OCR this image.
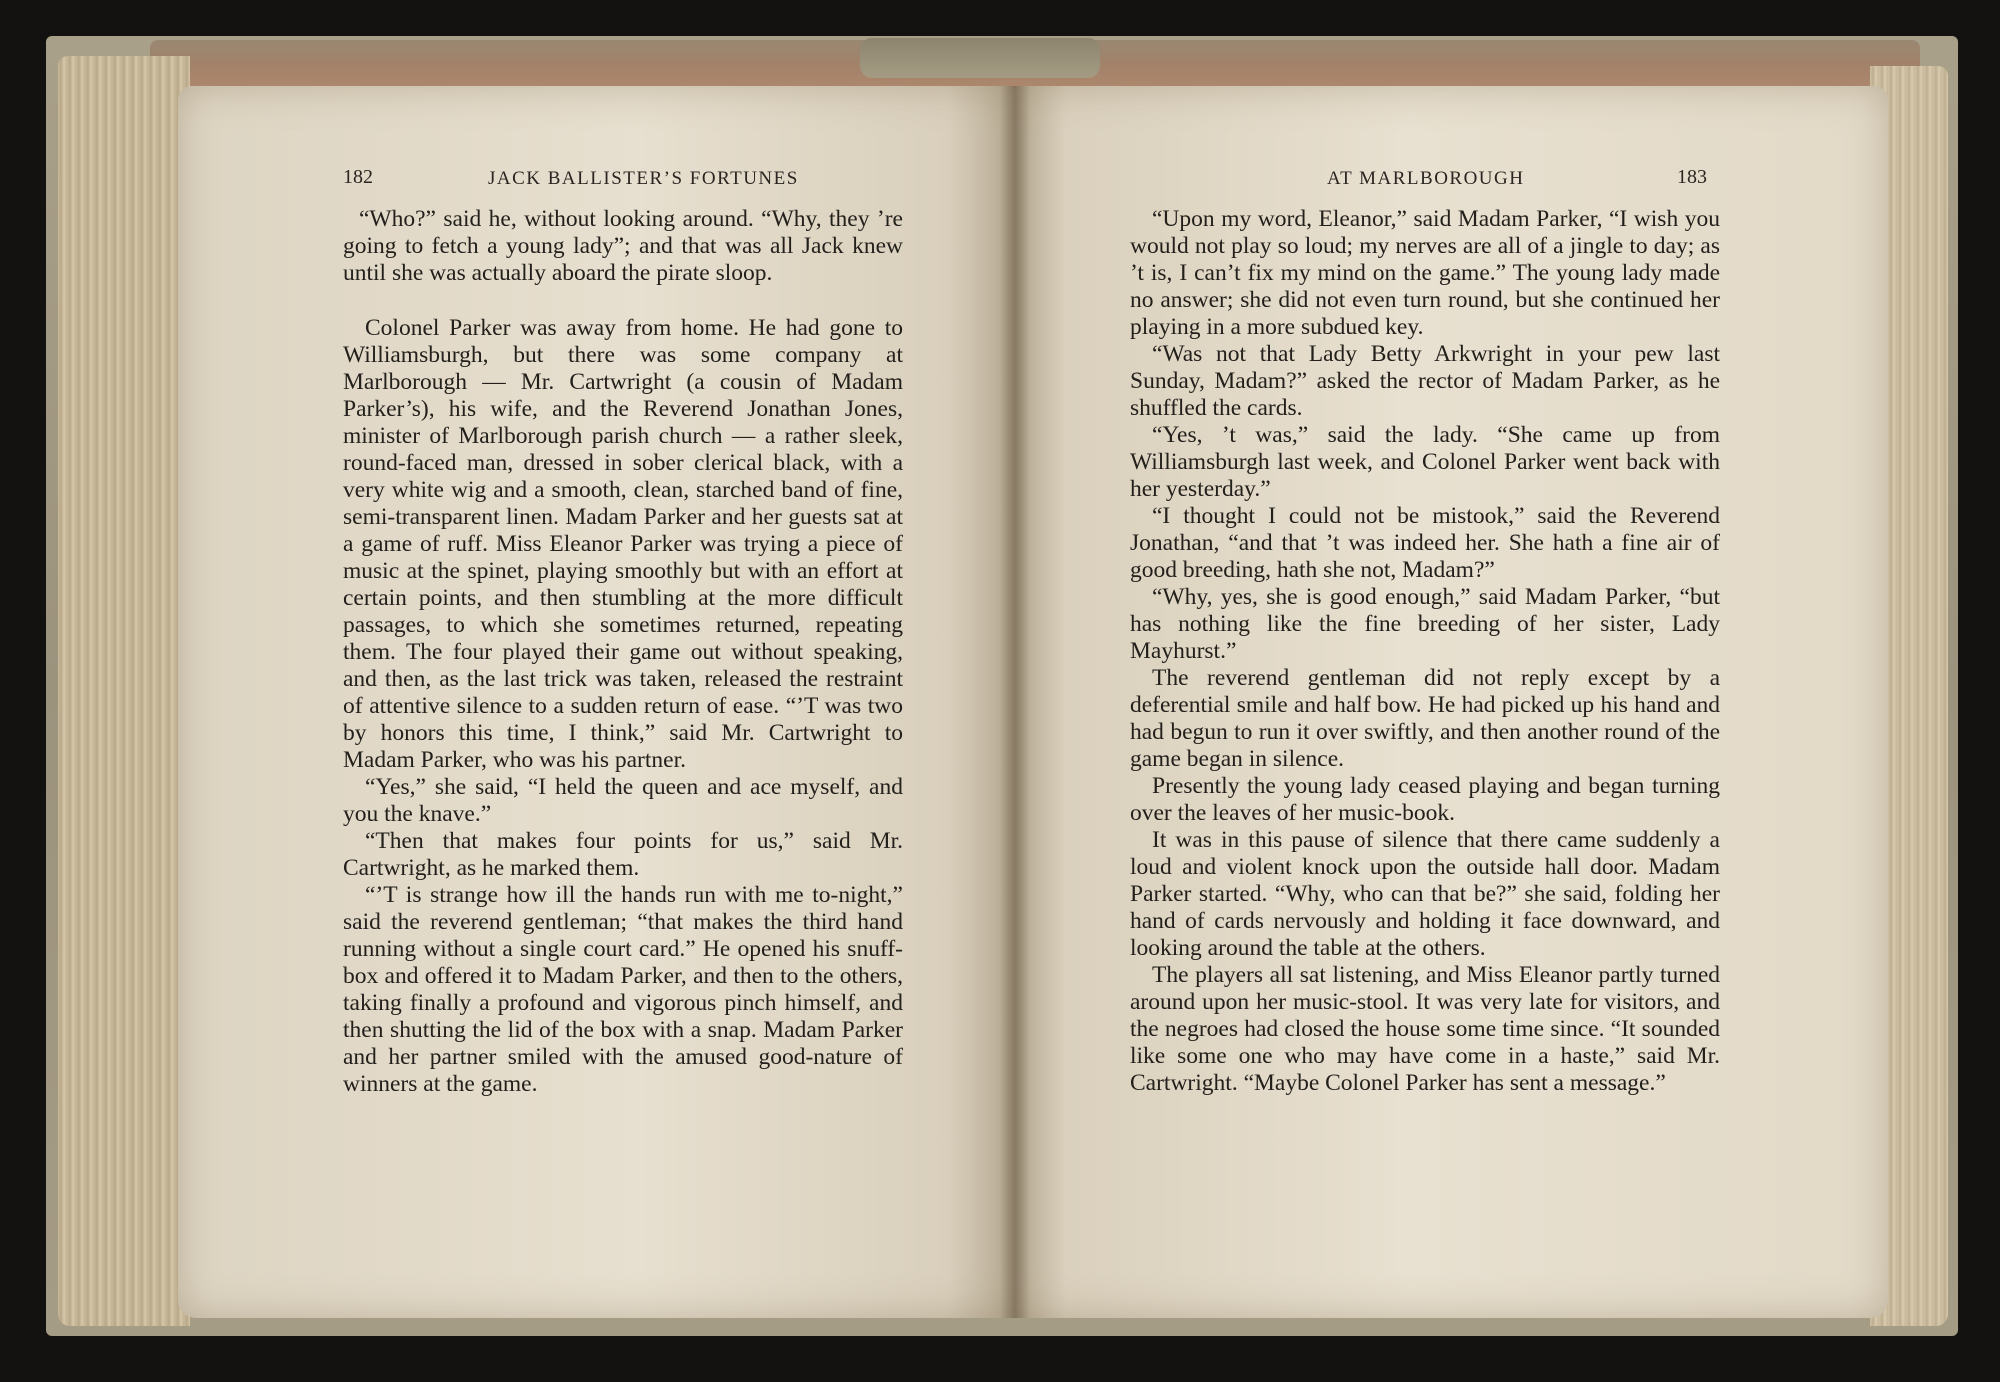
182	JACK BALLISTER’S FORTUNES

“Who?” said he, without looking around. “Why, they ’re going to fetch a young lady”; and that was all Jack knew until she was actually aboard the pirate sloop.

Colonel Parker was away from home. He had gone to Williamsburgh, but there was some company at Marlborough — Mr. Cartwright (a cousin of Madam Parker’s), his wife, and the Reverend Jonathan Jones, minister of Marlborough parish church — a rather sleek, round-faced man, dressed in sober clerical black, with a very white wig and a smooth, clean, starched band of fine, semi-transparent linen. Madam Parker and her guests sat at a game of ruff. Miss Eleanor Parker was trying a piece of music at the spinet, playing smoothly but with an effort at certain points, and then stumbling at the more difficult passages, to which she sometimes returned, repeating them. The four played their game out without speaking, and then, as the last trick was taken, released the restraint of attentive silence to a sudden return of ease. “’T was two by honors this time, I think,” said Mr. Cartwright to Madam Parker, who was his partner.

“Yes,” she said, “I held the queen and ace myself, and you the knave.”

“Then that makes four points for us,” said Mr. Cartwright, as he marked them.

“’T is strange how ill the hands run with me to-night,” said the reverend gentleman; “that makes the third hand running without a single court card.” He opened his snuff-box and offered it to Madam Parker, and then to the others, taking finally a profound and vigorous pinch himself, and then shutting the lid of the box with a snap. Madam Parker and her partner smiled with the amused good-nature of winners at the game.

AT MARLBOROUGH	183

“Upon my word, Eleanor,” said Madam Parker, “I wish you would not play so loud; my nerves are all of a jingle to day; as ’t is, I can’t fix my mind on the game.” The young lady made no answer; she did not even turn round, but she continued her playing in a more subdued key.

“Was not that Lady Betty Arkwright in your pew last Sunday, Madam?” asked the rector of Madam Parker, as he shuffled the cards.

“Yes, ’t was,” said the lady. “She came up from Williamsburgh last week, and Colonel Parker went back with her yesterday.”

“I thought I could not be mistook,” said the Reverend Jonathan, “and that ’t was indeed her. She hath a fine air of good breeding, hath she not, Madam?”

“Why, yes, she is good enough,” said Madam Parker, “but has nothing like the fine breeding of her sister, Lady Mayhurst.”

The reverend gentleman did not reply except by a deferential smile and half bow. He had picked up his hand and had begun to run it over swiftly, and then another round of the game began in silence.

Presently the young lady ceased playing and began turning over the leaves of her music-book.

It was in this pause of silence that there came suddenly a loud and violent knock upon the outside hall door. Madam Parker started. “Why, who can that be?” she said, folding her hand of cards nervously and holding it face downward, and looking around the table at the others.

The players all sat listening, and Miss Eleanor partly turned around upon her music-stool. It was very late for visitors, and the negroes had closed the house some time since. “It sounded like some one who may have come in a haste,” said Mr. Cartwright. “Maybe Colonel Parker has sent a message.”
